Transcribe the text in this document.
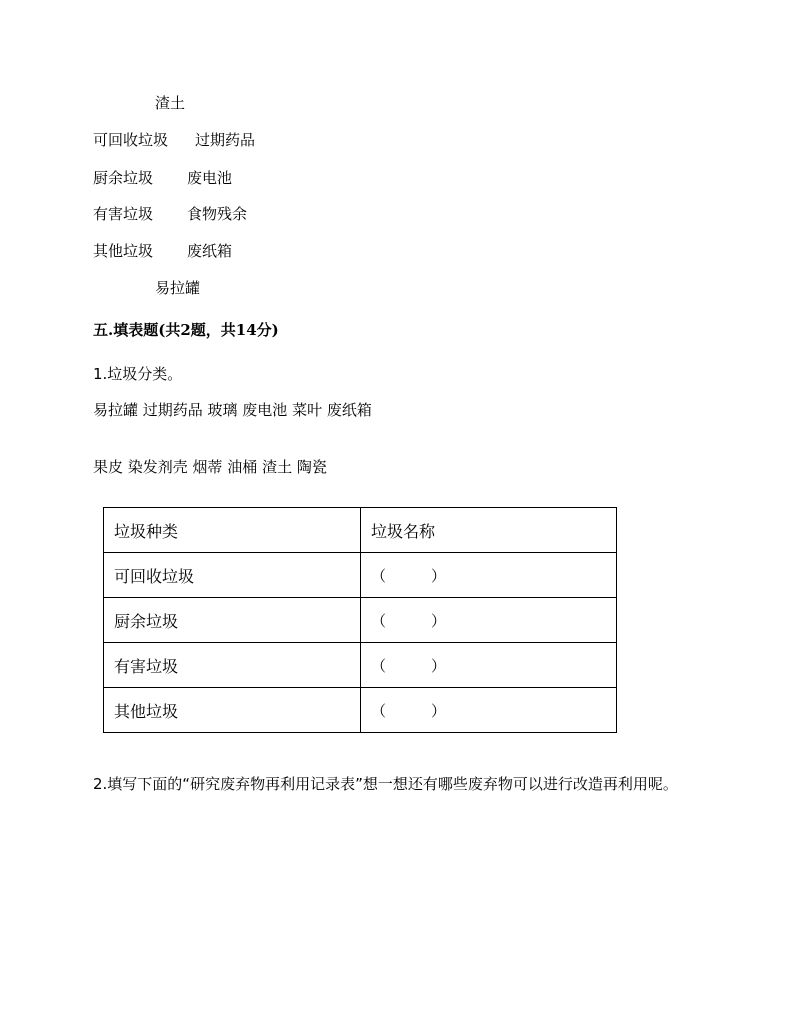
渣土
可回收垃圾 过期药品
厨余垃圾 废电池
有害垃圾 食物残余
其他垃圾 废纸箱
易拉罐
五.填表题(共2题，共14分)
1.垃圾分类。
易拉罐 过期药品 玻璃 废电池 菜叶 废纸箱
果皮 染发剂壳 烟蒂 油桶 渣土 陶瓷
垃圾种类	垃圾名称
可回收垃圾	（　　　）
厨余垃圾	（　　　）
有害垃圾	（　　　）
其他垃圾	（　　　）
2.填写下面的“研究废弃物再利用记录表”想一想还有哪些废弃物可以进行改造再利用呢。
